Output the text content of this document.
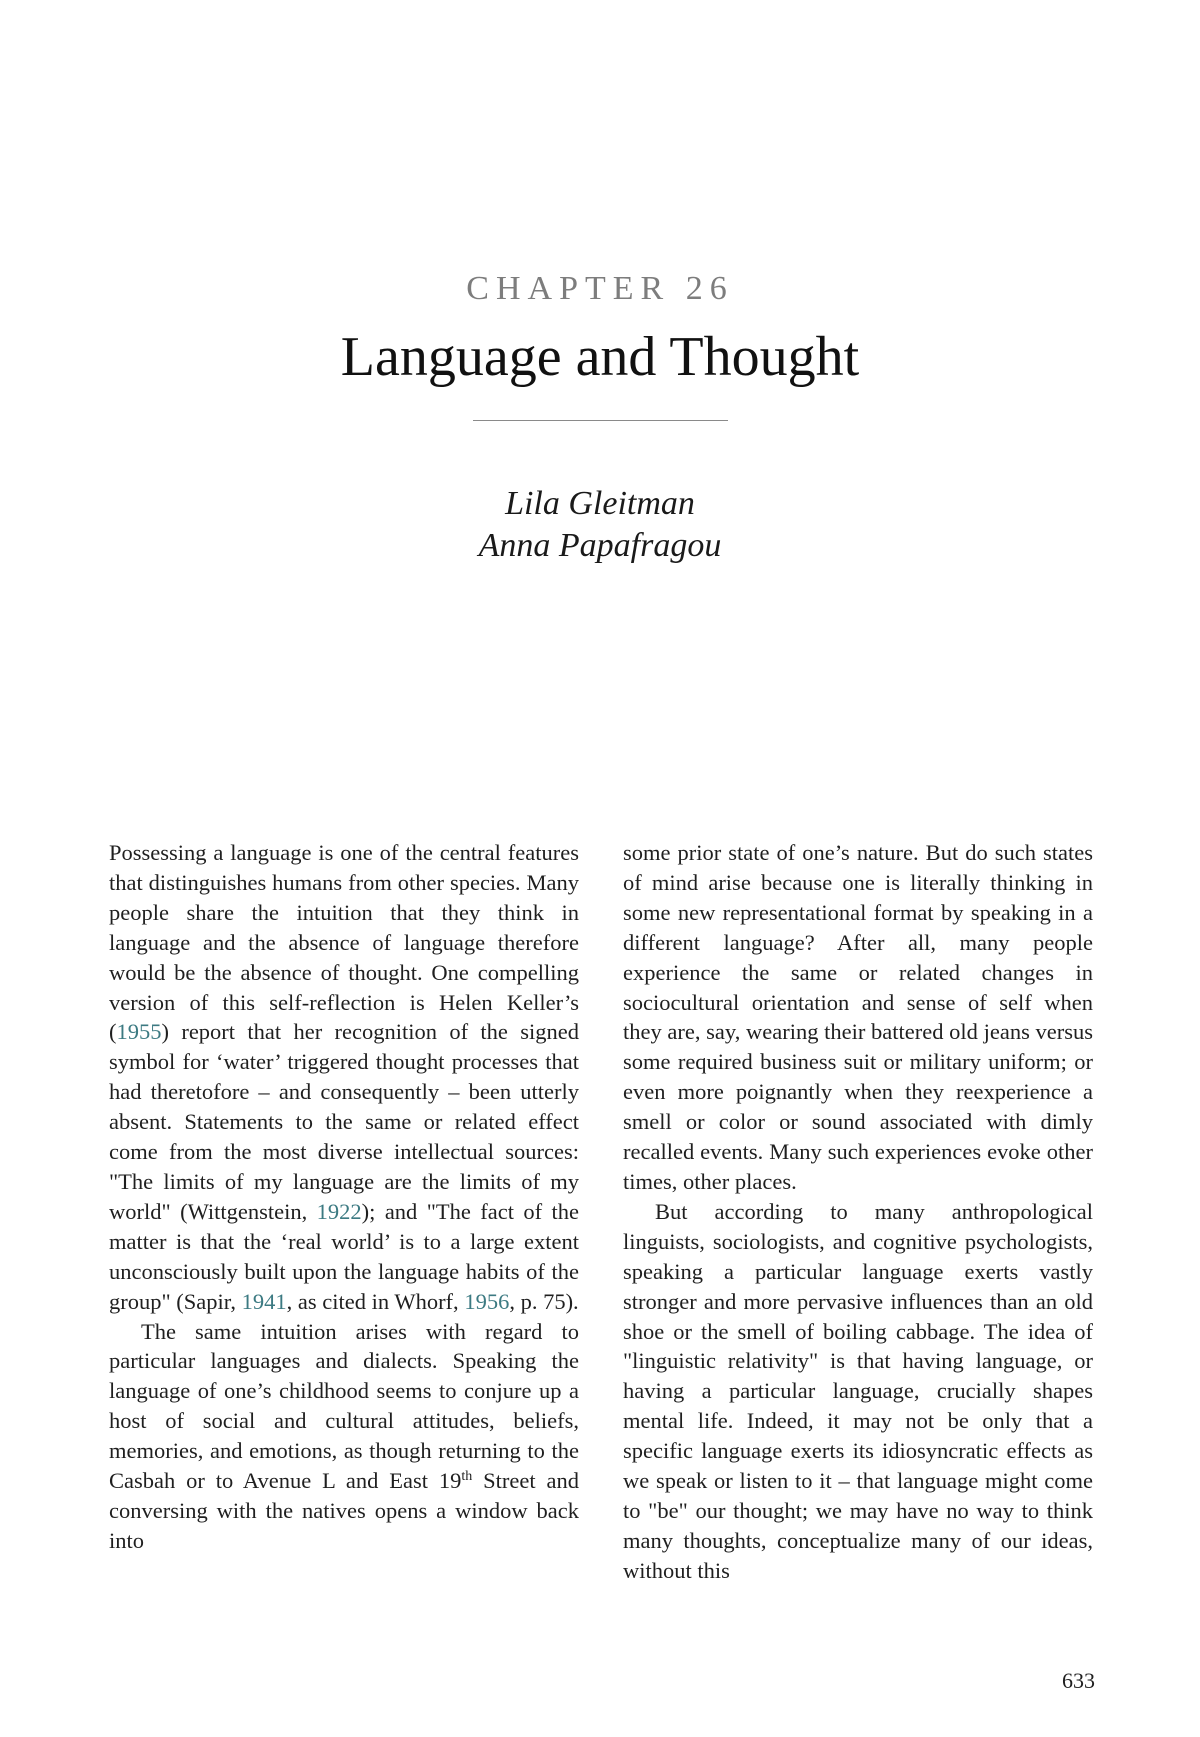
CHAPTER 26
Language and Thought
Lila Gleitman
Anna Papafragou

Possessing a language is one of the central features that distinguishes humans from other species. Many people share the intuition that they think in language and the absence of language therefore would be the absence of thought. One compelling version of this self-reflection is Helen Keller’s (1955) report that her recognition of the signed symbol for ‘water’ triggered thought processes that had theretofore – and consequently – been utterly absent. Statements to the same or related effect come from the most diverse intellectual sources: "The limits of my language are the limits of my world" (Wittgenstein, 1922); and "The fact of the matter is that the ‘real world’ is to a large extent unconsciously built upon the language habits of the group" (Sapir, 1941, as cited in Whorf, 1956, p. 75).

The same intuition arises with regard to particular languages and dialects. Speaking the language of one’s childhood seems to conjure up a host of social and cultural attitudes, beliefs, memories, and emotions, as though returning to the Casbah or to Avenue L and East 19th Street and conversing with the natives opens a window back into

some prior state of one’s nature. But do such states of mind arise because one is literally thinking in some new representational format by speaking in a different language? After all, many people experience the same or related changes in sociocultural orientation and sense of self when they are, say, wearing their battered old jeans versus some required business suit or military uniform; or even more poignantly when they reexperience a smell or color or sound associated with dimly recalled events. Many such experiences evoke other times, other places.

But according to many anthropological linguists, sociologists, and cognitive psychologists, speaking a particular language exerts vastly stronger and more pervasive influences than an old shoe or the smell of boiling cabbage. The idea of "linguistic relativity" is that having language, or having a particular language, crucially shapes mental life. Indeed, it may not be only that a specific language exerts its idiosyncratic effects as we speak or listen to it – that language might come to "be" our thought; we may have no way to think many thoughts, conceptualize many of our ideas, without this

633
